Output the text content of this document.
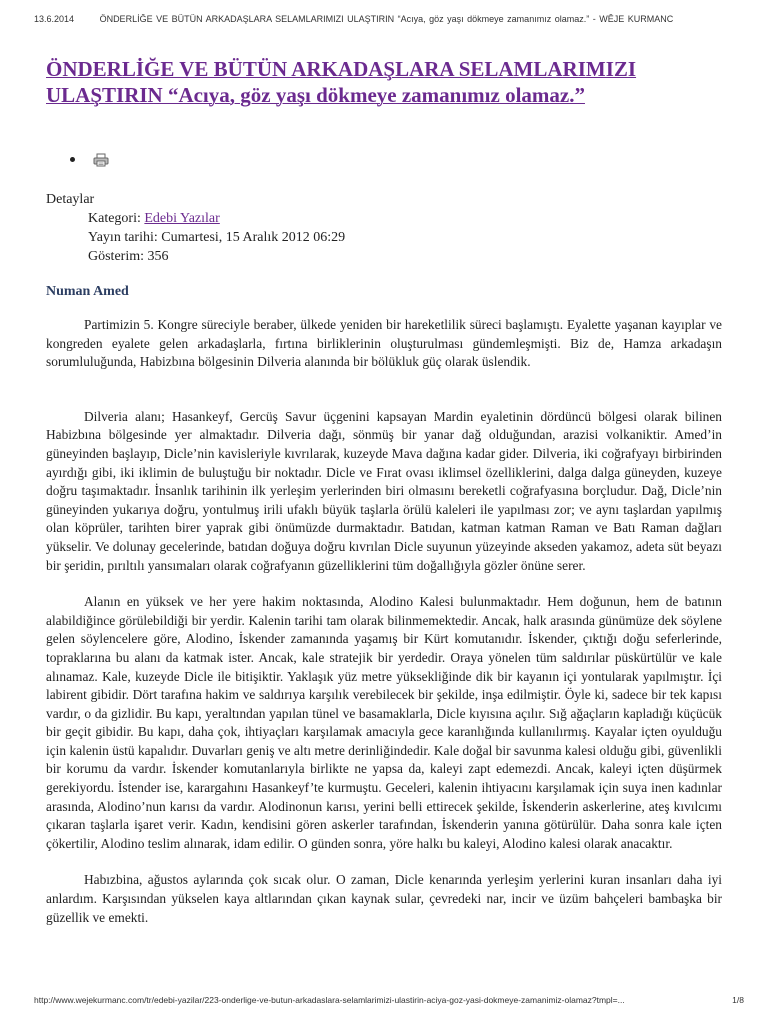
13.6.2014	ÖNDERLİĞE VE BÜTÜN ARKADAŞLARA SELAMLARIMIZI ULAŞTIRIN “Acıya, göz yaşı dökmeye zamanımız olamaz.” - WÊJE KURMANC
ÖNDERLİĞE VE BÜTÜN ARKADAŞLARA SELAMLARIMIZI ULAŞTIRIN “Acıya, göz yaşı dökmeye zamanımız olamaz.”

Detaylar
Kategori: Edebi Yazılar
Yayın tarihi: Cumartesi, 15 Aralık 2012 06:29
Gösterim: 356
Numan Amed

Partimizin 5. Kongre süreciyle beraber, ülkede yeniden bir hareketlilik süreci başlamıştı. Eyalette yaşanan kayıplar ve kongreden eyalete gelen arkadaşlarla, fırtına birliklerinin oluşturulması gündemleşmişti. Biz de, Hamza arkadaşın sorumluluğunda, Habizbına bölgesinin Dilveria alanında bir bölükluk güç olarak üslendik.

Dilveria alanı; Hasankeyf, Gercüş Savur üçgenini kapsayan Mardin eyaletinin dördüncü bölgesi olarak bilinen Habizbına bölgesinde yer almaktadır. Dilveria dağı, sönmüş bir yanar dağ olduğundan, arazisi volkaniktir. Amed’in güneyinden başlayıp, Dicle’nin kavisleriyle kıvrılarak, kuzeyde Mava dağına kadar gider. Dilveria, iki coğrafyayı birbirinden ayırdığı gibi, iki iklimin de buluştuğu bir noktadır. Dicle ve Fırat ovası iklimsel özelliklerini, dalga dalga güneyden, kuzeye doğru taşımaktadır. İnsanlık tarihinin ilk yerleşim yerlerinden biri olmasını bereketli coğrafyasına borçludur. Dağ, Dicle’nin güneyinden yukarıya doğru, yontulmuş irili ufaklı büyük taşlarla örülü kaleleri ile yapılması zor; ve aynı taşlardan yapılmış olan köprüler, tarihten birer yaprak gibi önümüzde durmaktadır. Batıdan, katman katman Raman ve Batı Raman dağları yükselir. Ve dolunay gecelerinde, batıdan doğuya doğru kıvrılan Dicle suyunun yüzeyinde akseden yakamoz, adeta süt beyazı bir şeridin, pırıltılı yansımaları olarak coğrafyanın güzelliklerini tüm doğallığıyla gözler önüne serer.

Alanın en yüksek ve her yere hakim noktasında, Alodino Kalesi bulunmaktadır. Hem doğunun, hem de batının alabildiğince görülebildiği bir yerdir. Kalenin tarihi tam olarak bilinmemektedir. Ancak, halk arasında günümüze dek söylene gelen söylencelere göre, Alodino, İskender zamanında yaşamış bir Kürt komutanıdır. İskender, çıktığı doğu seferlerinde, topraklarına bu alanı da katmak ister. Ancak, kale stratejik bir yerdedir. Oraya yönelen tüm saldırılar püskürtülür ve kale alınamaz. Kale, kuzeyde Dicle ile bitişiktir. Yaklaşık yüz metre yüksekliğinde dik bir kayanın içi yontularak yapılmıştır. İçi labirent gibidir. Dört tarafına hakim ve saldırıya karşılık verebilecek bir şekilde, inşa edilmiştir. Öyle ki, sadece bir tek kapısı vardır, o da gizlidir. Bu kapı, yeraltından yapılan tünel ve basamaklarla, Dicle kıyısına açılır. Sığ ağaçların kapladığı küçücük bir geçit gibidir. Bu kapı, daha çok, ihtiyaçları karşılamak amacıyla gece karanlığında kullanılırmış. Kayalar içten oyulduğu için kalenin üstü kapalıdır. Duvarları geniş ve altı metre derinliğindedir. Kale doğal bir savunma kalesi olduğu gibi, güvenlikli bir korumu da vardır. İskender komutanlarıyla birlikte ne yapsa da, kaleyi zapt edemezdi. Ancak, kaleyi içten düşürmek gerekiyordu. İstender ise, karargahını Hasankeyf’te kurmuştu. Geceleri, kalenin ihtiyacını karşılamak için suya inen kadınlar arasında, Alodino’nun karısı da vardır. Alodinonun karısı, yerini belli ettirecek şekilde, İskenderin askerlerine, ateş kıvılcımı çıkaran taşlarla işaret verir. Kadın, kendisini gören askerler tarafından, İskenderin yanına götürülür. Daha sonra kale içten çökertilir, Alodino teslim alınarak, idam edilir. O günden sonra, yöre halkı bu kaleyi, Alodino kalesi olarak anacaktır.

Habızbina, ağustos aylarında çok sıcak olur. O zaman, Dicle kenarında yerleşim yerlerini kuran insanları daha iyi anlardım. Karşısından yükselen kaya altlarından çıkan kaynak sular, çevredeki nar, incir ve üzüm bahçeleri bambaşka bir güzellik ve emekti.

http://www.wejekurmanc.com/tr/edebi-yazilar/223-onderlige-ve-butun-arkadaslara-selamlarimizi-ulastirin-aciya-goz-yasi-dokmeye-zamanimiz-olamaz?tmpl=...	1/8
